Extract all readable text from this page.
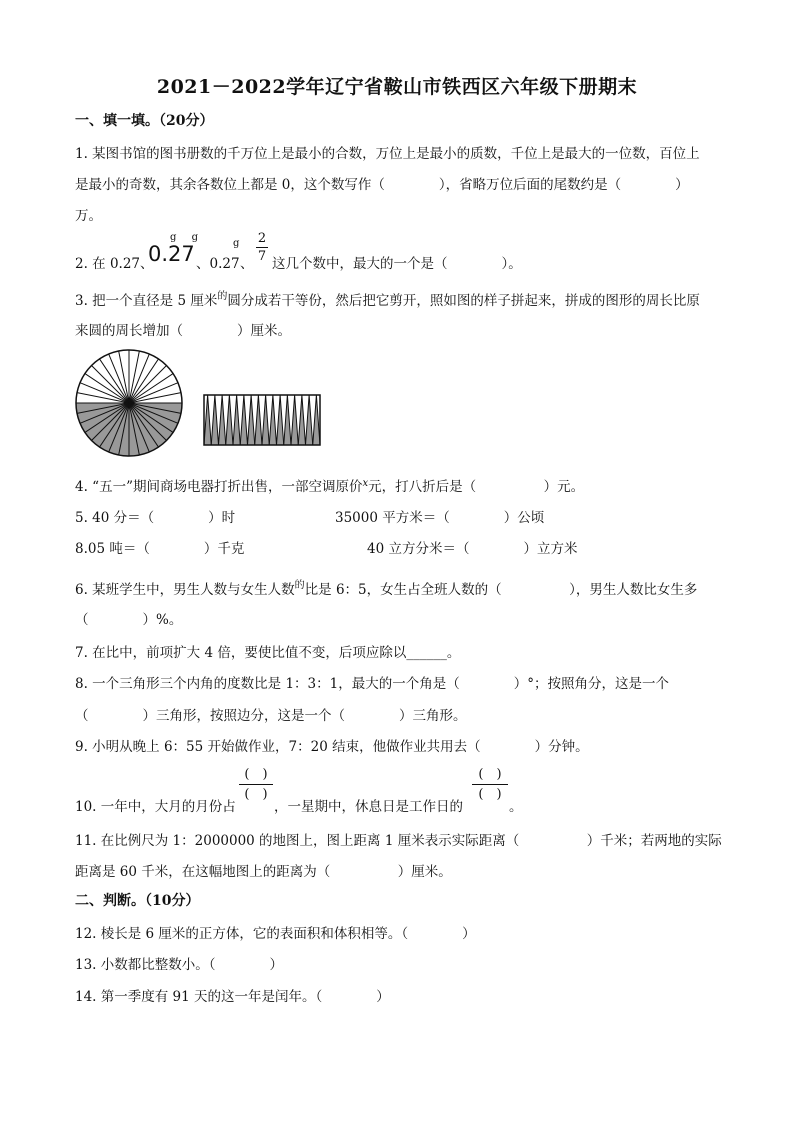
2021－2022学年辽宁省鞍山市铁西区六年级下册期末
一、填一填。（20分）
1. 某图书馆的图书册数的千万位上是最小的合数，万位上是最小的质数，千位上是最大的一位数，百位上
是最小的奇数，其余各数位上都是 0，这个数写作（　　　　），省略万位后面的尾数约是（　　　　）
万。
2. 在 0.27、
0.27
g g
、0.27
g
、
2
7 这几个数中，最大的一个是（　　　　）。
3. 把一个直径是 5 厘米$^的$圆分成若干等份，然后把它剪开，照如图的样子拼起来，拼成的图形的周长比原
来圆的周长增加（　　　　）厘米。
4. “五一”期间商场电器打折出售，一部空调原价$^x$元，打八折后是（　　　　　）元。
5. 40 分＝（　　　　）时	35000 平方米＝（　　　　）公顷
8.05 吨＝（　　　　）千克	40 立方分米＝（　　　　）立方米
6. 某班学生中，男生人数与女生人数$^的$比是 6：5，女生占全班人数的（　　　　　），男生人数比女生多
（　　　　）%。
7. 在比中，前项扩大 4 倍，要使比值不变，后项应除以______。
8. 一个三角形三个内角的度数比是 1：3：1，最大的一个角是（　　　　）°；按照角分，这是一个
（　　　　）三角形，按照边分，这是一个（　　　　）三角形。
9. 小明从晚上 6：55 开始做作业，7：20 结束，他做作业共用去（　　　　）分钟。
10. 一年中，大月的月份占
(　)
(　)
，一星期中，休息日是工作日的
(　)
(　)
。
11. 在比例尺为 1：2000000 的地图上，图上距离 1 厘米表示实际距离（　　　　　）千米；若两地的实际
距离是 60 千米，在这幅地图上的距离为（　　　　　）厘米。
二、判断。（10分）
12. 棱长是 6 厘米的正方体，它的表面积和体积相等。（　　　　）
13. 小数都比整数小。（　　　　）
14. 第一季度有 91 天的这一年是闰年。（　　　　）
